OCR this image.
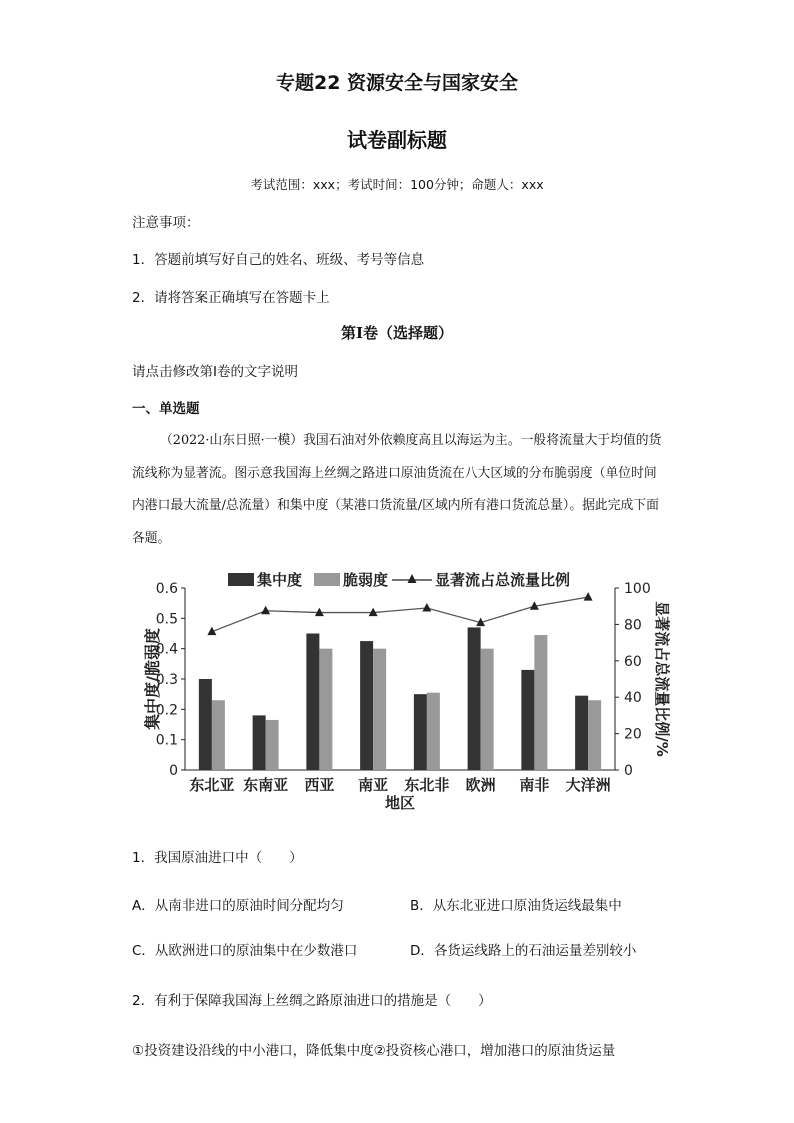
专题22 资源安全与国家安全
试卷副标题
考试范围：xxx；考试时间：100分钟；命题人：xxx
注意事项：
1．答题前填写好自己的姓名、班级、考号等信息
2．请将答案正确填写在答题卡上
第I卷（选择题）
请点击修改第I卷的文字说明
一、单选题
（2022·山东日照·一模）我国石油对外依赖度高且以海运为主。一般将流量大于均值的货流线称为显著流。图示意我国海上丝绸之路进口原油货流在八大区域的分布脆弱度（单位时间内港口最大流量/总流量）和集中度（某港口货流量/区域内所有港口货流总量）。据此完成下面各题。
0
0.1
0.2
0.3
0.4
0.5
0.6
0
20
40
60
80
100
东北亚 东南亚 西亚 南亚 东北非 欧洲 南非 大洋洲
地区
集中度/脆弱度	显著流占总流量比例/%
集中度	脆弱度	显著流占总流量比例
1．我国原油进口中（　　）
A．从南非进口的原油时间分配均匀	B．从东北亚进口原油货运线最集中
C．从欧洲进口的原油集中在少数港口	D．各货运线路上的石油运量差别较小
2．有利于保障我国海上丝绸之路原油进口的措施是（　　）
①投资建设沿线的中小港口，降低集中度②投资核心港口，增加港口的原油货运量
